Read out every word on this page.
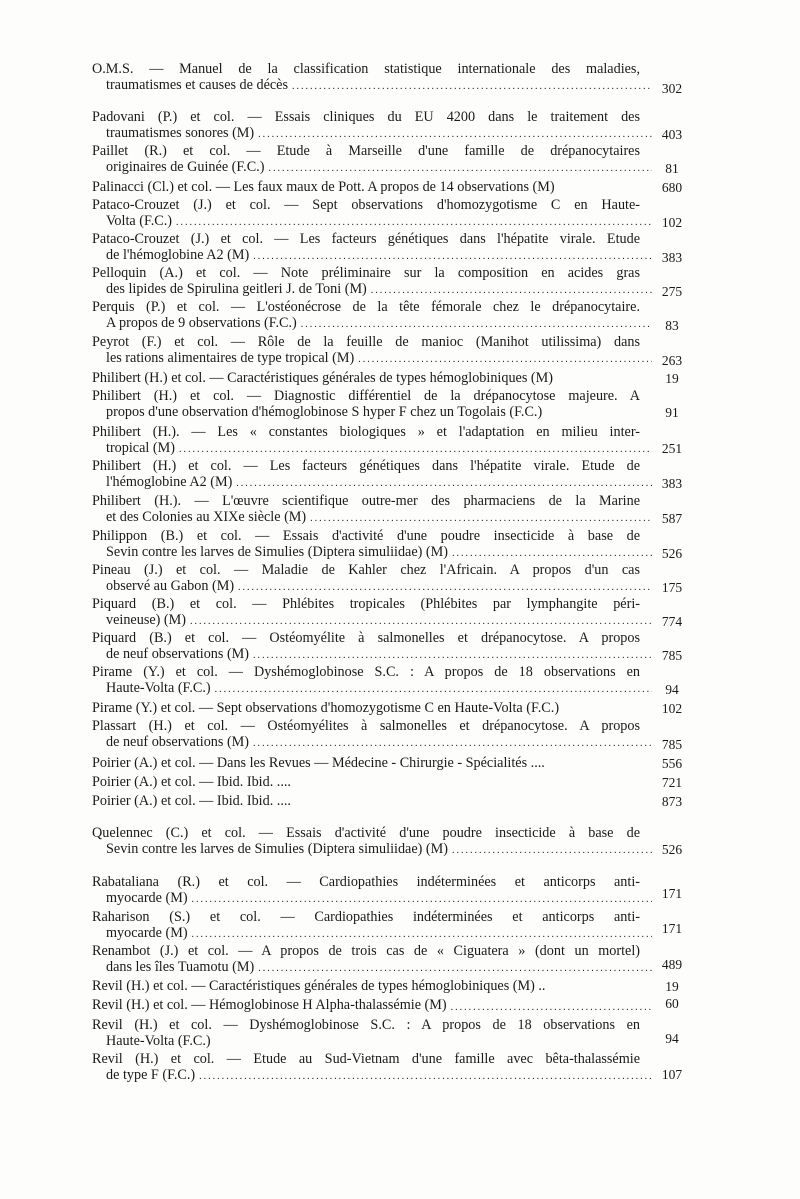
O.M.S. — Manuel de la classification statistique internationale des maladies,
traumatismes et causes de décès .....	302
Padovani (P.) et col. — Essais cliniques du EU 4200 dans le traitement des
traumatismes sonores (M) .....	403
Paillet (R.) et col. — Etude à Marseille d'une famille de drépanocytaires
originaires de Guinée (F.C.) .....	81
Palinacci (Cl.) et col. — Les faux maux de Pott. A propos de 14 observations (M)	680
Pataco-Crouzet (J.) et col. — Sept observations d'homozygotisme C en Haute-
Volta (F.C.) .....	102
Pataco-Crouzet (J.) et col. — Les facteurs génétiques dans l'hépatite virale. Etude
de l'hémoglobine A2 (M) .....	383
Pelloquin (A.) et col. — Note préliminaire sur la composition en acides gras
des lipides de Spirulina geitleri J. de Toni (M) .....	275
Perquis (P.) et col. — L'ostéonécrose de la tête fémorale chez le drépanocytaire.
A propos de 9 observations (F.C.) .....	83
Peyrot (F.) et col. — Rôle de la feuille de manioc (Manihot utilissima) dans
les rations alimentaires de type tropical (M) .....	263
Philibert (H.) et col. — Caractéristiques générales de types hémoglobiniques (M)	19
Philibert (H.) et col. — Diagnostic différentiel de la drépanocytose majeure. A
propos d'une observation d'hémoglobinose S hyper F chez un Togolais (F.C.)	91
Philibert (H.). — Les « constantes biologiques » et l'adaptation en milieu inter-
tropical (M) .....	251
Philibert (H.) et col. — Les facteurs génétiques dans l'hépatite virale. Etude de
l'hémoglobine A2 (M) .....	383
Philibert (H.). — L'œuvre scientifique outre-mer des pharmaciens de la Marine
et des Colonies au XIXe siècle (M) .....	587
Philippon (B.) et col. — Essais d'activité d'une poudre insecticide à base de
Sevin contre les larves de Simulies (Diptera simuliidae) (M) .....	526
Pineau (J.) et col. — Maladie de Kahler chez l'Africain. A propos d'un cas
observé au Gabon (M) .....	175
Piquard (B.) et col. — Phlébites tropicales (Phlébites par lymphangite péri-
veineuse) (M) .....	774
Piquard (B.) et col. — Ostéomyélite à salmonelles et drépanocytose. A propos
de neuf observations (M) .....	785
Pirame (Y.) et col. — Dyshémoglobinose S.C. : A propos de 18 observations en
Haute-Volta (F.C.) .....	94
Pirame (Y.) et col. — Sept observations d'homozygotisme C en Haute-Volta (F.C.)	102
Plassart (H.) et col. — Ostéomyélites à salmonelles et drépanocytose. A propos
de neuf observations (M) .....	785
Poirier (A.) et col. — Dans les Revues — Médecine - Chirurgie - Spécialités ....	556
Poirier (A.) et col. — Ibid. Ibid. ....	721
Poirier (A.) et col. — Ibid. Ibid. ....	873
Quelennec (C.) et col. — Essais d'activité d'une poudre insecticide à base de
Sevin contre les larves de Simulies (Diptera simuliidae) (M) .....	526
Rabataliana (R.) et col. — Cardiopathies indéterminées et anticorps anti-
myocarde (M) .....	171
Raharison (S.) et col. — Cardiopathies indéterminées et anticorps anti-
myocarde (M) .....	171
Renambot (J.) et col. — A propos de trois cas de « Ciguatera » (dont un mortel)
dans les îles Tuamotu (M) .....	489
Revil (H.) et col. — Caractéristiques générales de types hémoglobiniques (M) ..	19
Revil (H.) et col. — Hémoglobinose H Alpha-thalassémie (M) .....	60
Revil (H.) et col. — Dyshémoglobinose S.C. : A propos de 18 observations en
Haute-Volta (F.C.)	94
Revil (H.) et col. — Etude au Sud-Vietnam d'une famille avec bêta-thalassémie
de type F (F.C.) .....	107
